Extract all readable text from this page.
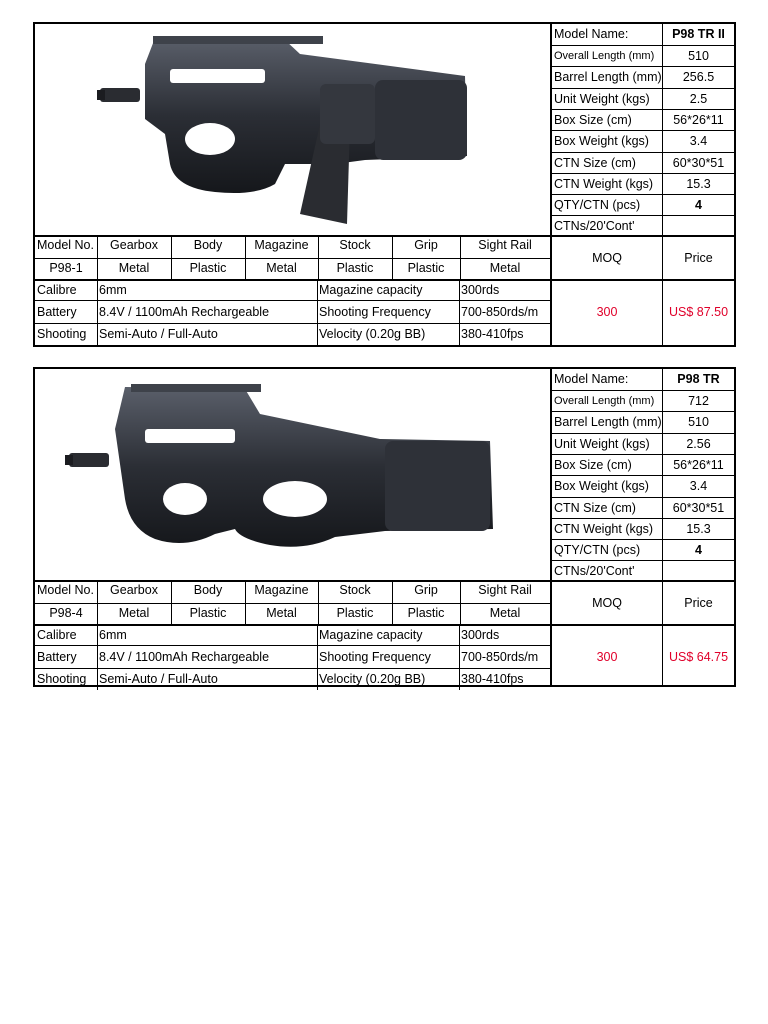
Model Name:	P98 TR II
Overall Length (mm)	510
Barrel Length (mm)	256.5
Unit Weight (kgs)	2.5
Box Size (cm)	56*26*11
Box Weight (kgs)	3.4
CTN Size (cm)	60*30*51
CTN Weight (kgs)	15.3
QTY/CTN (pcs)	4
CTNs/20'Cont'
Model No.	Gearbox	Body	Magazine	Stock	Grip	Sight Rail
P98-1	Metal	Plastic	Metal	Plastic	Plastic	Metal
MOQ	Price
300	US$ 87.50
Calibre	6mm	Magazine capacity	300rds
Battery	8.4V / 1100mAh Rechargeable	Shooting Frequency	700-850rds/m
Shooting	Semi-Auto / Full-Auto	Velocity (0.20g BB)	380-410fps
Model Name:	P98 TR
Overall Length (mm)	712
Barrel Length (mm)	510
Unit Weight (kgs)	2.56
Box Size (cm)	56*26*11
Box Weight (kgs)	3.4
CTN Size (cm)	60*30*51
CTN Weight (kgs)	15.3
QTY/CTN (pcs)	4
CTNs/20'Cont'
Model No.	Gearbox	Body	Magazine	Stock	Grip	Sight Rail
P98-4	Metal	Plastic	Metal	Plastic	Plastic	Metal
MOQ	Price
300	US$ 64.75
Calibre	6mm	Magazine capacity	300rds
Battery	8.4V / 1100mAh Rechargeable	Shooting Frequency	700-850rds/m
Shooting	Semi-Auto / Full-Auto	Velocity (0.20g BB)	380-410fps
